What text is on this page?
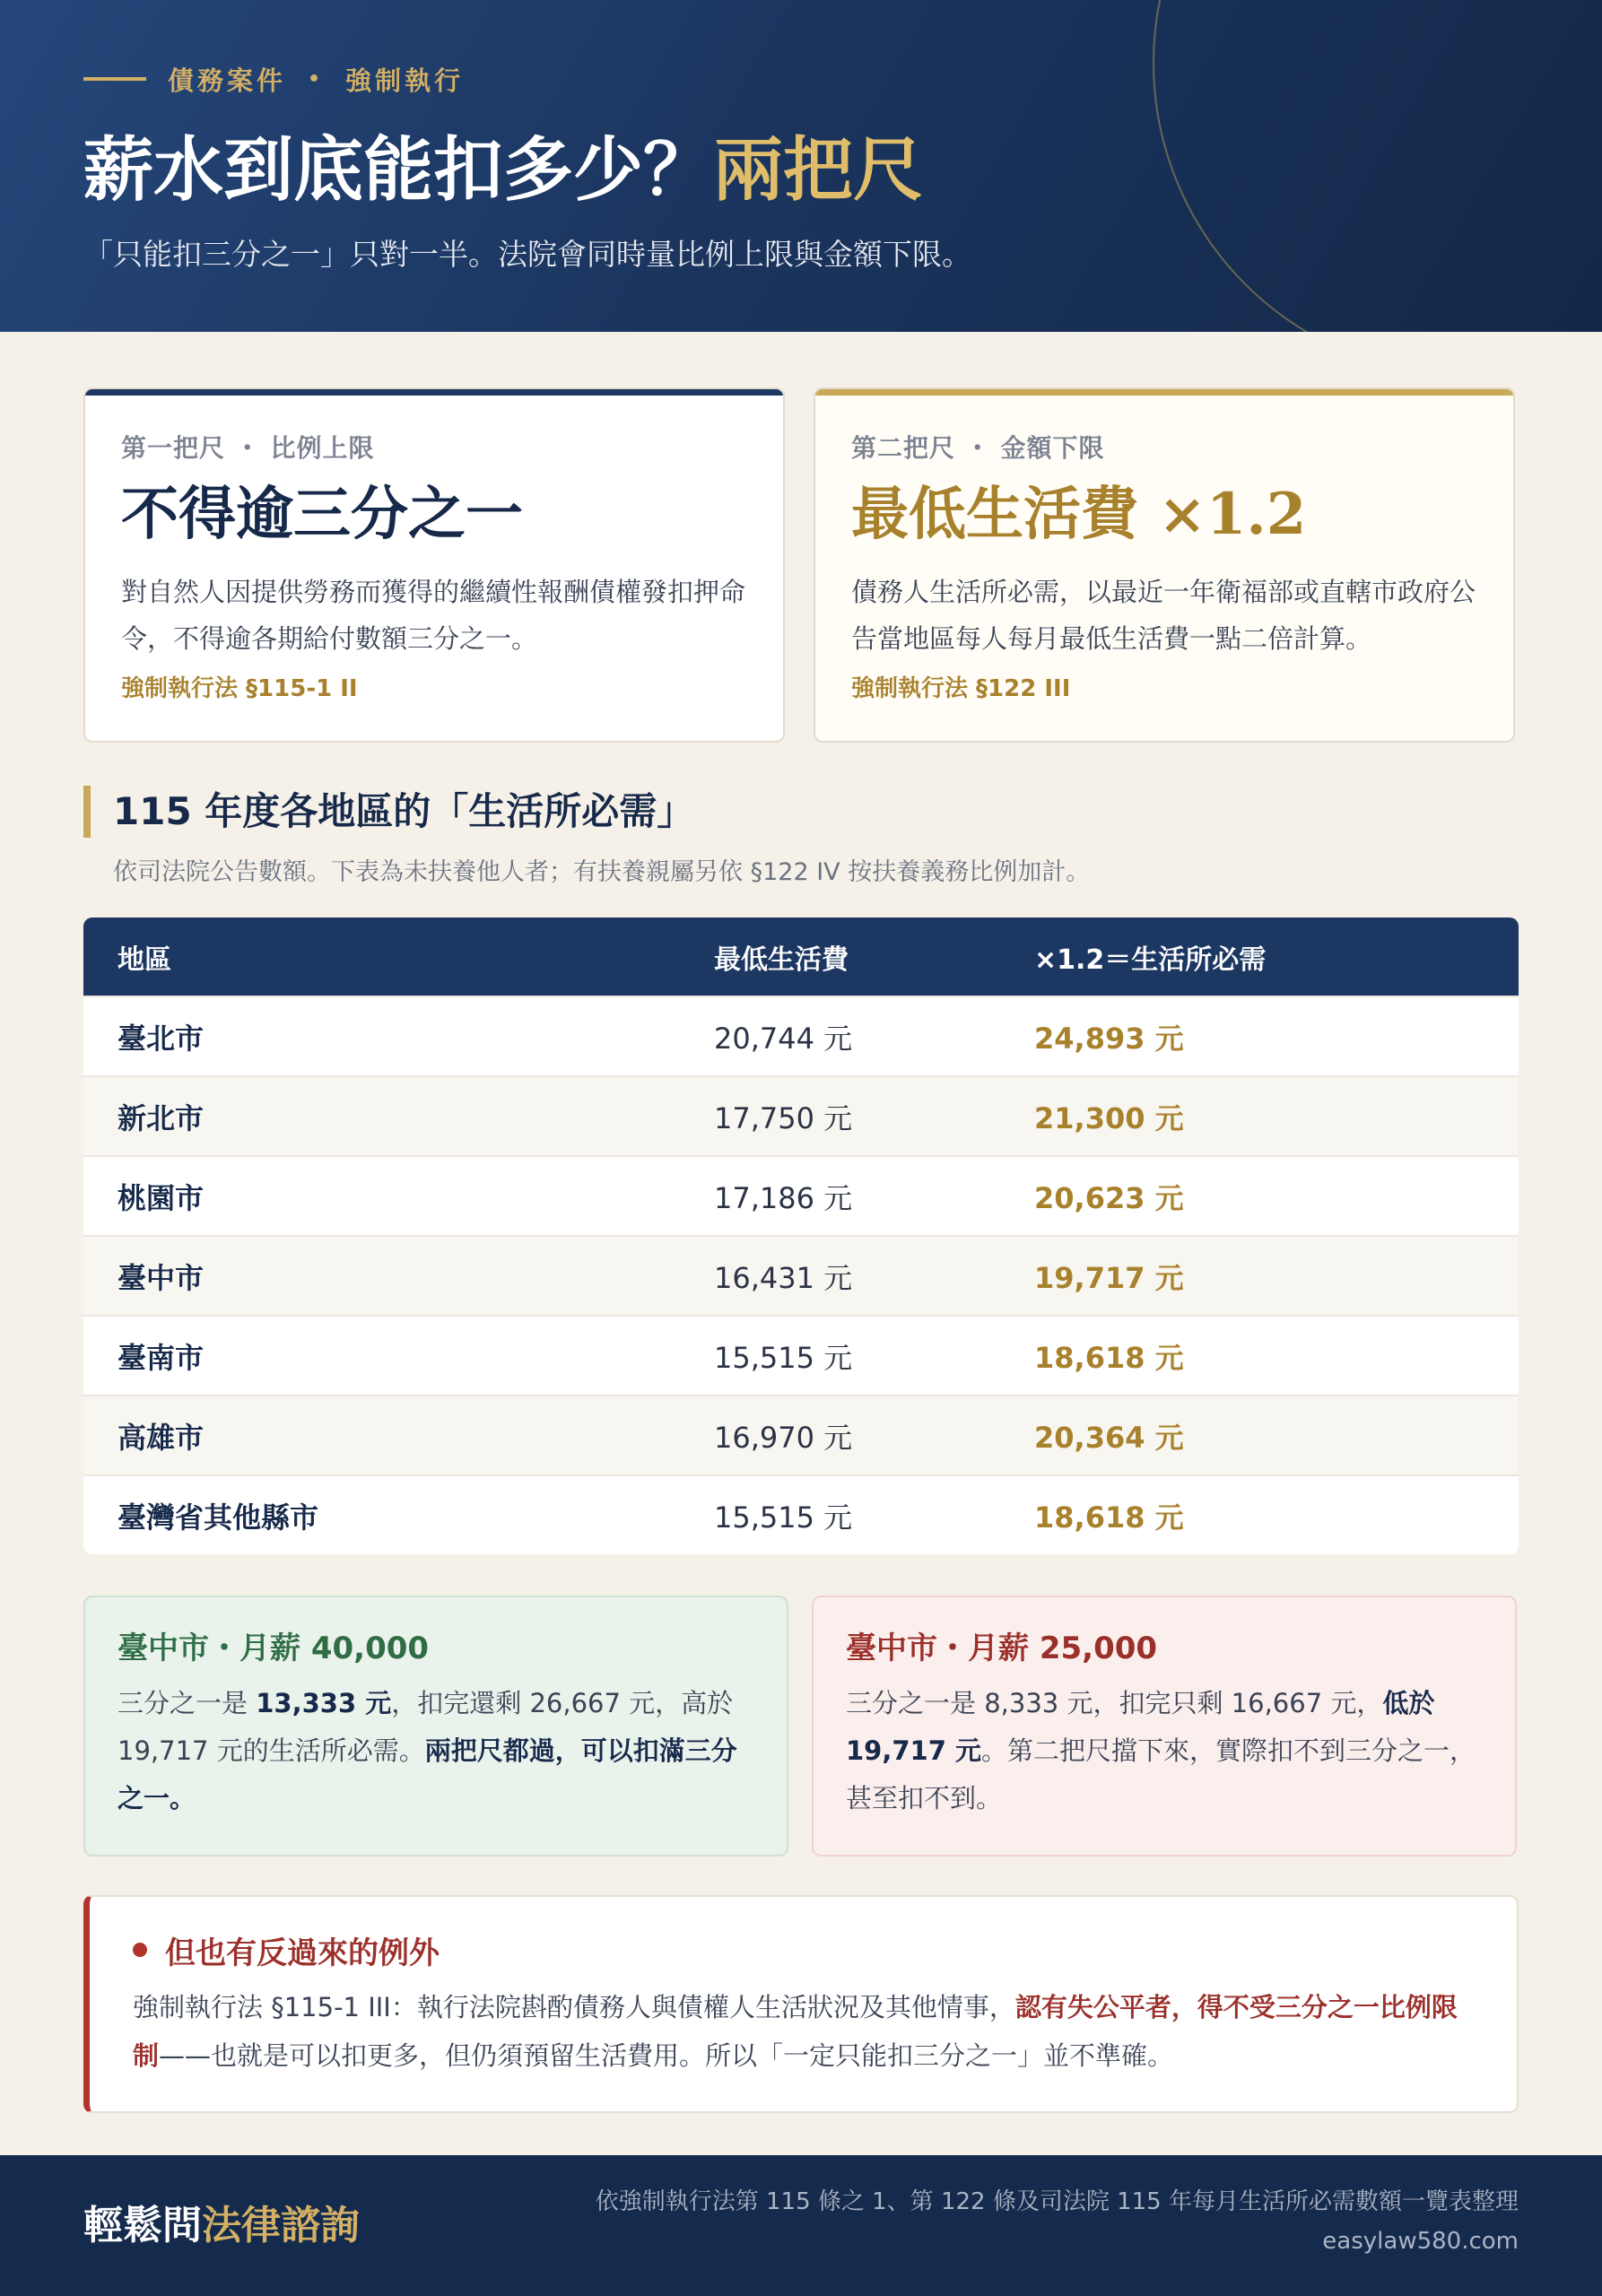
債務案件 • 強制執行
薪水到底能扣多少？兩把尺

「只能扣三分之一」只對一半。法院會同時量比例上限與金額下限。

第一把尺 ・ 比例上限
不得逾三分之一
對自然人因提供勞務而獲得的繼續性報酬債權發扣押命令，不得逾各期給付數額三分之一。
強制執行法 §115-1 II
第二把尺 ・ 金額下限
最低生活費 ×1.2
債務人生活所必需，以最近一年衛福部或直轄市政府公告當地區每人每月最低生活費一點二倍計算。
強制執行法 §122 III
115 年度各地區的「生活所必需」

依司法院公告數額。下表為未扶養他人者；有扶養親屬另依 §122 IV 按扶養義務比例加計。

地區	最低生活費	×1.2＝生活所必需
臺北市	20,744 元	24,893 元
新北市	17,750 元	21,300 元
桃園市	17,186 元	20,623 元
臺中市	16,431 元	19,717 元
臺南市	15,515 元	18,618 元
高雄市	16,970 元	20,364 元
臺灣省其他縣市	15,515 元	18,618 元
臺中市・月薪 40,000
三分之一是 13,333 元，扣完還剩 26,667 元，高於 19,717 元的生活所必需。兩把尺都過，可以扣滿三分之一。
臺中市・月薪 25,000
三分之一是 8,333 元，扣完只剩 16,667 元，低於 19,717 元。第二把尺擋下來，實際扣不到三分之一，甚至扣不到。
但也有反過來的例外
強制執行法 §115-1 III：執行法院斟酌債務人與債權人生活狀況及其他情事，認有失公平者，得不受三分之一比例限制——也就是可以扣更多，但仍須預留生活費用。所以「一定只能扣三分之一」並不準確。
輕鬆問法律諮詢
依強制執行法第 115 條之 1、第 122 條及司法院 115 年每月生活所必需數額一覽表整理
easylaw580.com
